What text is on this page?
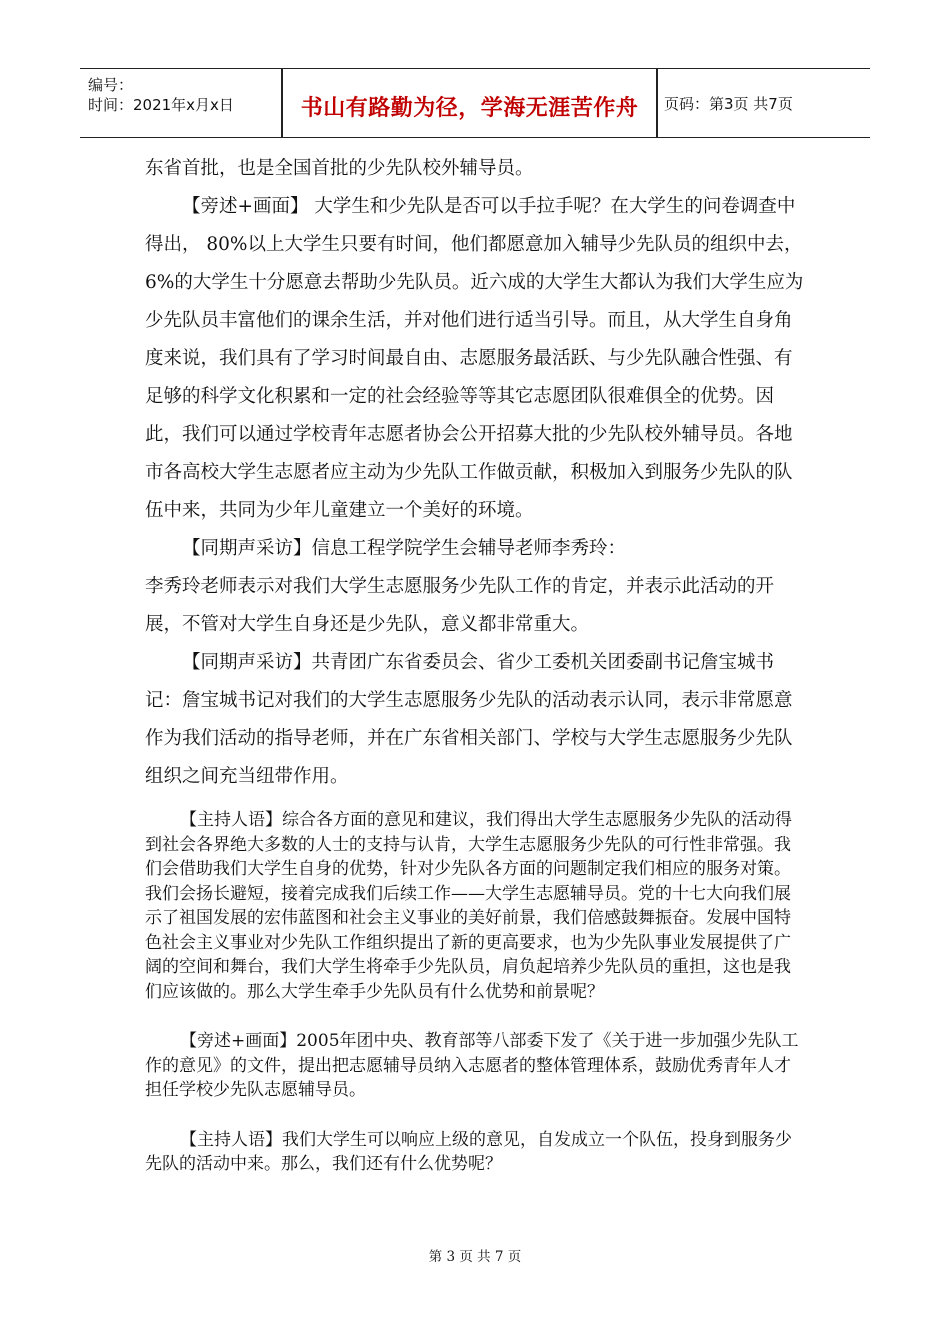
编号：
时间：2021年x月x日	书山有路勤为径，学海无涯苦作舟	页码：第3页 共7页

东省首批，也是全国首批的少先队校外辅导员。

【旁述+画面】 大学生和少先队是否可以手拉手呢？在大学生的问卷调查中得出， 80%以上大学生只要有时间，他们都愿意加入辅导少先队员的组织中去，6%的大学生十分愿意去帮助少先队员。近六成的大学生大都认为我们大学生应为少先队员丰富他们的课余生活，并对他们进行适当引导。而且，从大学生自身角度来说，我们具有了学习时间最自由、志愿服务最活跃、与少先队融合性强、有足够的科学文化积累和一定的社会经验等等其它志愿团队很难俱全的优势。因此，我们可以通过学校青年志愿者协会公开招募大批的少先队校外辅导员。各地市各高校大学生志愿者应主动为少先队工作做贡献，积极加入到服务少先队的队伍中来，共同为少年儿童建立一个美好的环境。

【同期声采访】信息工程学院学生会辅导老师李秀玲：

李秀玲老师表示对我们大学生志愿服务少先队工作的肯定，并表示此活动的开展，不管对大学生自身还是少先队，意义都非常重大。

【同期声采访】共青团广东省委员会、省少工委机关团委副书记詹宝城书记：詹宝城书记对我们的大学生志愿服务少先队的活动表示认同，表示非常愿意作为我们活动的指导老师，并在广东省相关部门、学校与大学生志愿服务少先队组织之间充当纽带作用。

【主持人语】综合各方面的意见和建议，我们得出大学生志愿服务少先队的活动得到社会各界绝大多数的人士的支持与认肯，大学生志愿服务少先队的可行性非常强。我们会借助我们大学生自身的优势，针对少先队各方面的问题制定我们相应的服务对策。我们会扬长避短，接着完成我们后续工作——大学生志愿辅导员。党的十七大向我们展示了祖国发展的宏伟蓝图和社会主义事业的美好前景，我们倍感鼓舞振奋。发展中国特色社会主义事业对少先队工作组织提出了新的更高要求，也为少先队事业发展提供了广阔的空间和舞台，我们大学生将牵手少先队员，肩负起培养少先队员的重担，这也是我们应该做的。那么大学生牵手少先队员有什么优势和前景呢？

【旁述+画面】2005年团中央、教育部等八部委下发了《关于进一步加强少先队工作的意见》的文件，提出把志愿辅导员纳入志愿者的整体管理体系，鼓励优秀青年人才担任学校少先队志愿辅导员。

【主持人语】我们大学生可以响应上级的意见，自发成立一个队伍，投身到服务少先队的活动中来。那么，我们还有什么优势呢？

第 3 页 共 7 页
